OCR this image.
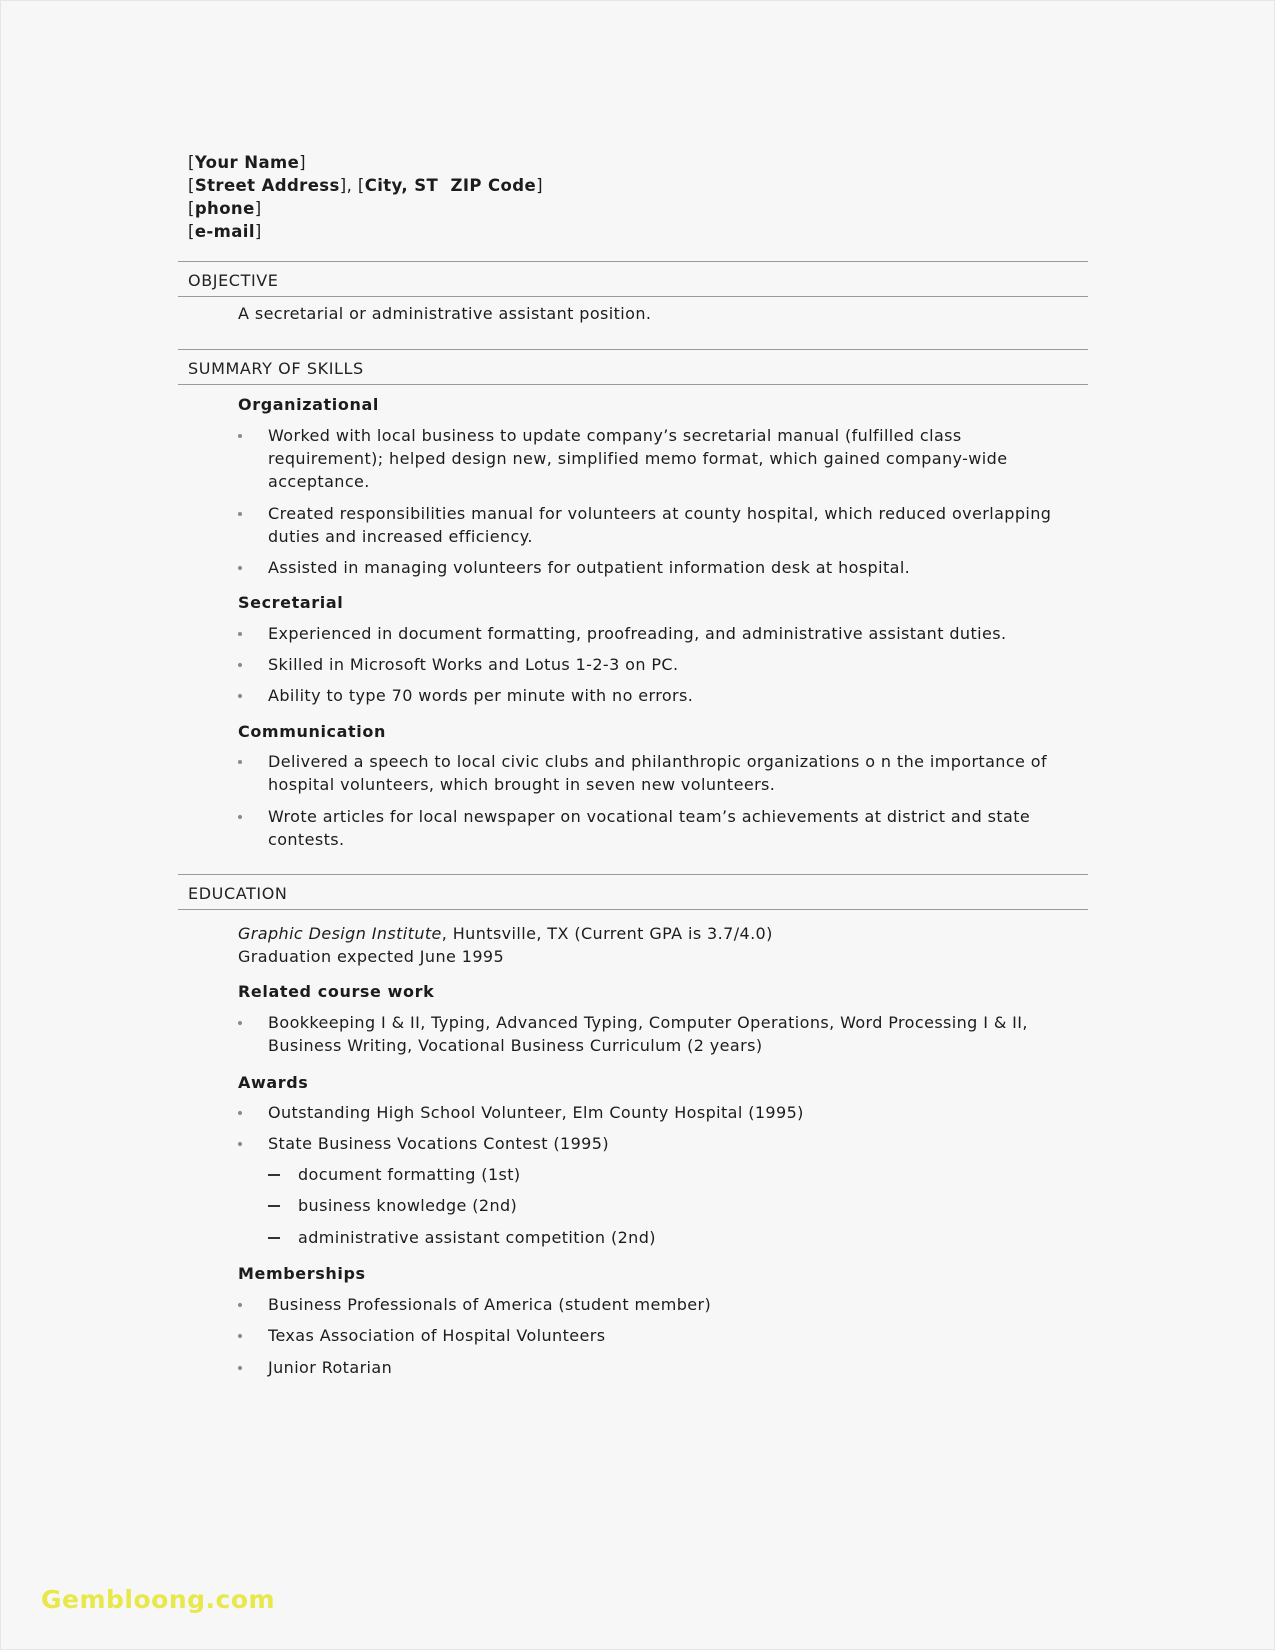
[Your Name]
[Street Address], [City, ST  ZIP Code]
[phone]
[e-mail]
OBJECTIVE
A secretarial or administrative assistant position.
SUMMARY OF SKILLS
Organizational
Worked with local business to update company’s secretarial manual (fulfilled class requirement); helped design new, simplified memo format, which gained company-wide acceptance.
Created responsibilities manual for volunteers at county hospital, which reduced overlapping duties and increased efficiency.
Assisted in managing volunteers for outpatient information desk at hospital.
Secretarial
Experienced in document formatting, proofreading, and administrative assistant duties.
Skilled in Microsoft Works and Lotus 1-2-3 on PC.
Ability to type 70 words per minute with no errors.
Communication
Delivered a speech to local civic clubs and philanthropic organizations o n the importance of hospital volunteers, which brought in seven new volunteers.
Wrote articles for local newspaper on vocational team’s achievements at district and state contests.
EDUCATION
Graphic Design Institute, Huntsville, TX (Current GPA is 3.7/4.0)
Graduation expected June 1995
Related course work
Bookkeeping I & II, Typing, Advanced Typing, Computer Operations, Word Processing I & II, Business Writing, Vocational Business Curriculum (2 years)
Awards
Outstanding High School Volunteer, Elm County Hospital (1995)
State Business Vocations Contest (1995)
document formatting (1st)
business knowledge (2nd)
administrative assistant competition (2nd)
Memberships
Business Professionals of America (student member)
Texas Association of Hospital Volunteers
Junior Rotarian
Gembloong.com
